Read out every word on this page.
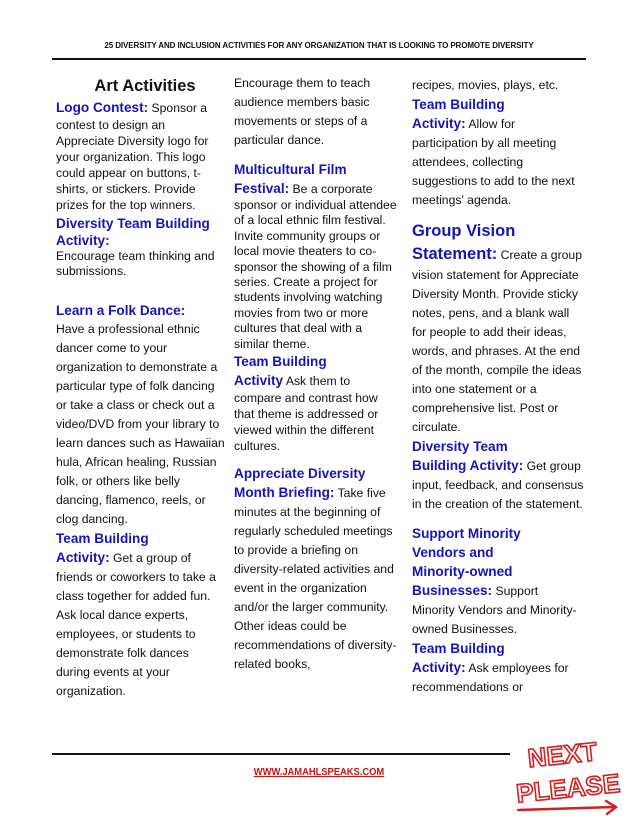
25 DIVERSITY AND INCLUSION ACTIVITIES FOR ANY ORGANIZATION THAT IS LOOKING TO PROMOTE DIVERSITY
Art Activities
Logo Contest: Sponsor a contest to design an Appreciate Diversity logo for your organization. This logo could appear on buttons, t-shirts, or stickers. Provide prizes for the top winners.
Diversity Team Building Activity:
Encourage team thinking and submissions.
Learn a Folk Dance:
Have a professional ethnic dancer come to your organization to demonstrate a particular type of folk dancing or take a class or check out a video/DVD from your library to learn dances such as Hawaiian hula, African healing, Russian folk, or others like belly dancing, flamenco, reels, or clog dancing.
Team Building
Activity: Get a group of friends or coworkers to take a class together for added fun. Ask local dance experts, employees, or students to demonstrate folk dances during events at your organization.
Encourage them to teach audience members basic movements or steps of a particular dance.
Multicultural Film
Festival: Be a corporate sponsor or individual attendee of a local ethnic film festival. Invite community groups or local movie theaters to co-sponsor the showing of a film series. Create a project for students involving watching movies from two or more cultures that deal with a similar theme.
Team Building
Activity Ask them to compare and contrast how that theme is addressed or viewed within the different cultures.
Appreciate Diversity
Month Briefing: Take five minutes at the beginning of regularly scheduled meetings to provide a briefing on diversity-related activities and event in the organization and/or the larger community. Other ideas could be recommendations of diversity- related books,
recipes, movies, plays, etc.
Team Building
Activity: Allow for participation by all meeting attendees, collecting suggestions to add to the next meetings' agenda.
Group Vision
Statement: Create a group vision statement for Appreciate Diversity Month. Provide sticky notes, pens, and a blank wall for people to add their ideas, words, and phrases. At the end of the month, compile the ideas into one statement or a comprehensive list. Post or circulate.
Diversity Team
Building Activity: Get group input, feedback, and consensus in the creation of the statement.
Support Minority
Vendors and
Minority-owned
Businesses: Support Minority Vendors and Minority-owned Businesses.
Team Building
Activity: Ask employees for recommendations or
WWW.JAMAHLSPEAKS.COM	NEXT
PLEASE
